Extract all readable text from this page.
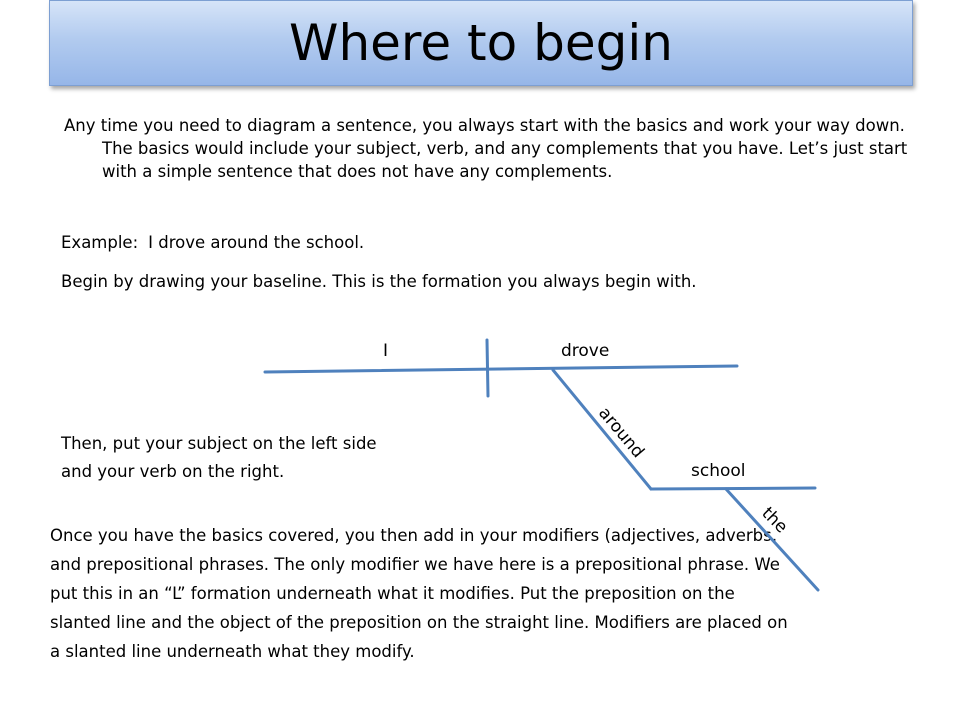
Where to begin
Any time you need to diagram a sentence, you always start with the basics and work your way down. The basics would include your subject, verb, and any complements that you have. Let’s just start with a simple sentence that does not have any complements.
Example: I drove around the school.
Begin by drawing your baseline. This is the formation you always begin with.
Then, put your subject on the left side and your verb on the right.
Once you have the basics covered, you then add in your modifiers (adjectives, adverbs, and prepositional phrases. The only modifier we have here is a prepositional phrase. We put this in an “L” formation underneath what it modifies. Put the preposition on the slanted line and the object of the preposition on the straight line. Modifiers are placed on a slanted line underneath what they modify.
I	drove
around
school
the
